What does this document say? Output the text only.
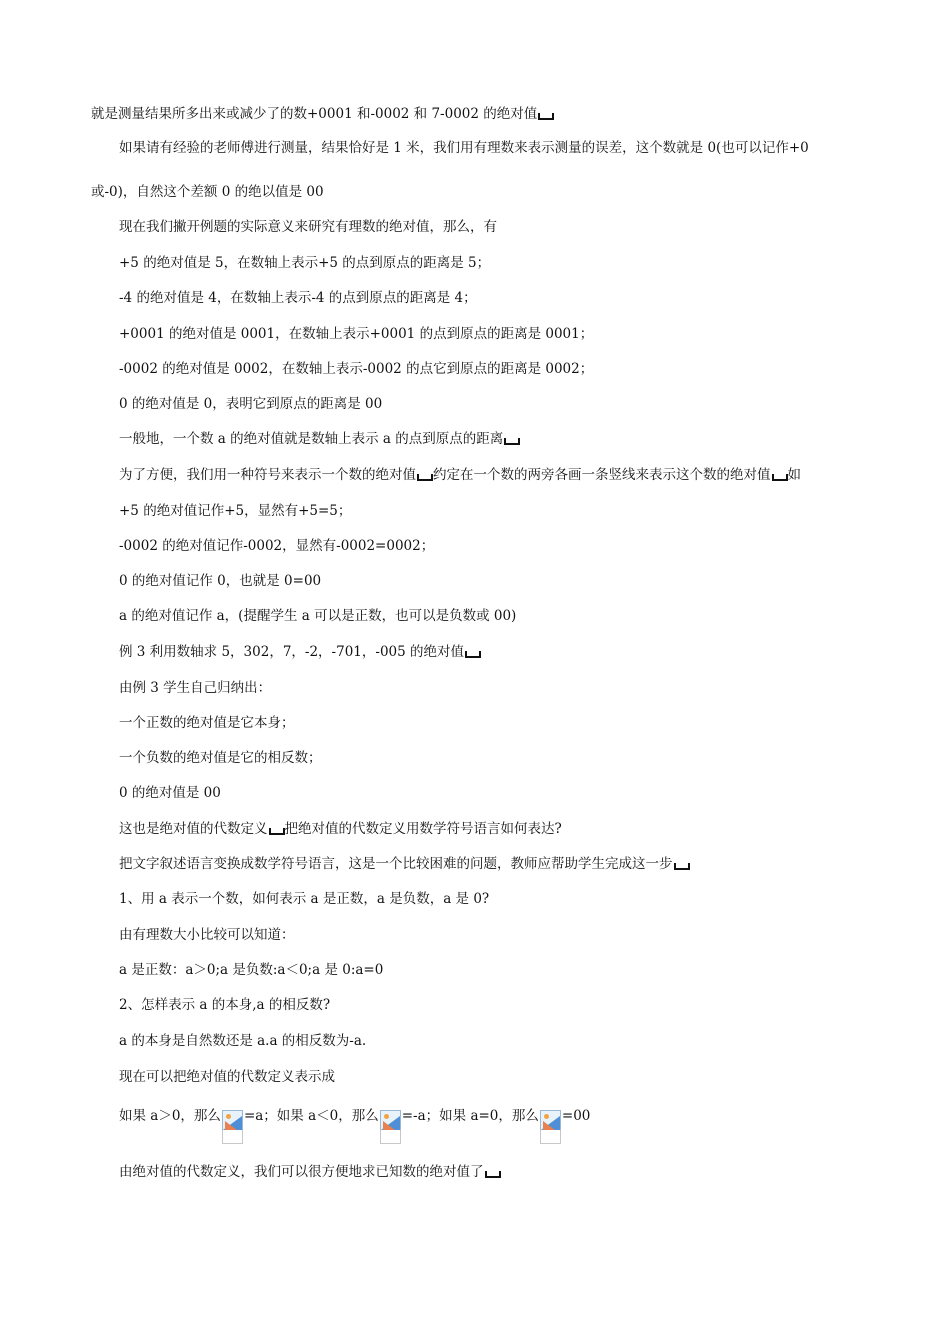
就是测量结果所多出来或减少了的数+0001 和-0002 和 7-0002 的绝对值
如果请有经验的老师傅进行测量，结果恰好是 1 米，我们用有理数来表示测量的误差，这个数就是 0(也可以记作+0
或-0)，自然这个差额 0 的绝以值是 00
现在我们撇开例题的实际意义来研究有理数的绝对值，那么，有
+5 的绝对值是 5，在数轴上表示+5 的点到原点的距离是 5；
-4 的绝对值是 4，在数轴上表示-4 的点到原点的距离是 4；
+0001 的绝对值是 0001，在数轴上表示+0001 的点到原点的距离是 0001；
-0002 的绝对值是 0002，在数轴上表示-0002 的点它到原点的距离是 0002；
0 的绝对值是 0，表明它到原点的距离是 00
一般地，一个数 a 的绝对值就是数轴上表示 a 的点到原点的距离
为了方便，我们用一种符号来表示一个数的绝对值 约定在一个数的两旁各画一条竖线来表示这个数的绝对值 如
+5 的绝对值记作+5，显然有+5=5；
-0002 的绝对值记作-0002，显然有-0002=0002；
0 的绝对值记作 0，也就是 0=00
a 的绝对值记作 a，(提醒学生 a 可以是正数，也可以是负数或 00)
例 3 利用数轴求 5，302，7，-2，-701，-005 的绝对值
由例 3 学生自己归纳出：
一个正数的绝对值是它本身；
一个负数的绝对值是它的相反数；
0 的绝对值是 00
这也是绝对值的代数定义 把绝对值的代数定义用数学符号语言如何表达?
把文字叙述语言变换成数学符号语言，这是一个比较困难的问题，教师应帮助学生完成这一步
1、用 a 表示一个数，如何表示 a 是正数，a 是负数，a 是 0?
由有理数大小比较可以知道：
a 是正数：a＞0;a 是负数:a＜0;a 是 0:a=0
2、怎样表示 a 的本身,a 的相反数?
a 的本身是自然数还是 a.a 的相反数为-a.
现在可以把绝对值的代数定义表示成
如果 a＞0，那么 =a；如果 a＜0，那么 =-a；如果 a=0，那么 =00
由绝对值的代数定义，我们可以很方便地求已知数的绝对值了
